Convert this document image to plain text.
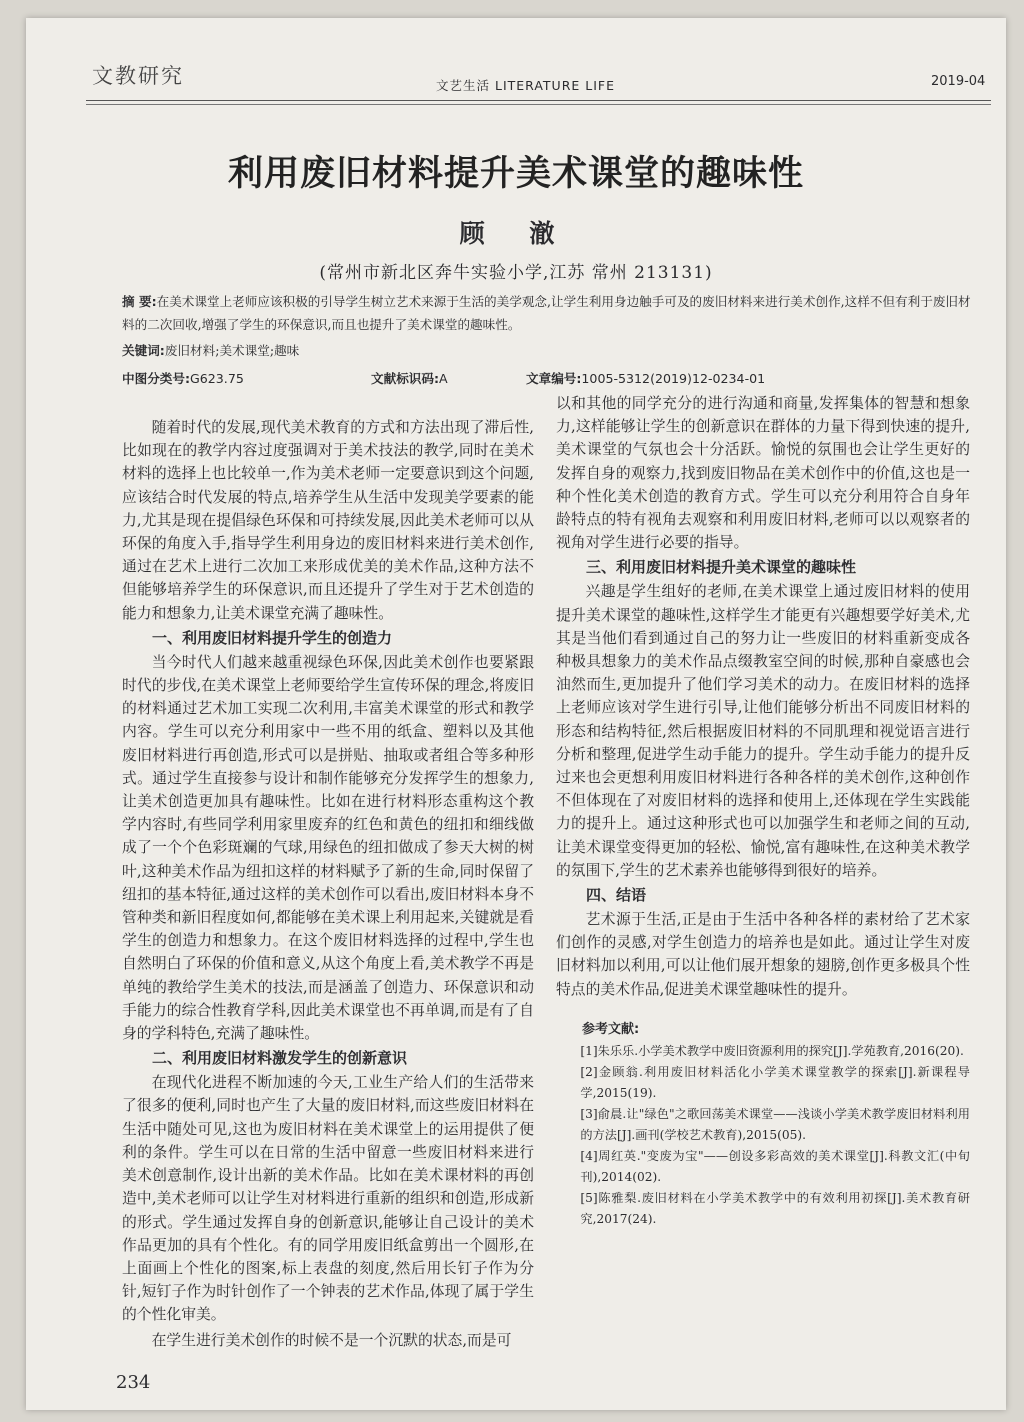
文教研究	文艺生活 LITERATURE LIFE	2019-04
利用废旧材料提升美术课堂的趣味性
顾 澈
(常州市新北区奔牛实验小学,江苏 常州 213131)
摘 要:在美术课堂上老师应该积极的引导学生树立艺术来源于生活的美学观念,让学生利用身边触手可及的废旧材料来进行美术创作,这样不但有利于废旧材料的二次回收,增强了学生的环保意识,而且也提升了美术课堂的趣味性。
关键词:废旧材料;美术课堂;趣味
中图分类号:G623.75	文献标识码:A	文章编号:1005-5312(2019)12-0234-01

随着时代的发展,现代美术教育的方式和方法出现了滞后性,比如现在的教学内容过度强调对于美术技法的教学,同时在美术材料的选择上也比较单一,作为美术老师一定要意识到这个问题,应该结合时代发展的特点,培养学生从生活中发现美学要素的能力,尤其是现在提倡绿色环保和可持续发展,因此美术老师可以从环保的角度入手,指导学生利用身边的废旧材料来进行美术创作,通过在艺术上进行二次加工来形成优美的美术作品,这种方法不但能够培养学生的环保意识,而且还提升了学生对于艺术创造的能力和想象力,让美术课堂充满了趣味性。

一、利用废旧材料提升学生的创造力

当今时代人们越来越重视绿色环保,因此美术创作也要紧跟时代的步伐,在美术课堂上老师要给学生宣传环保的理念,将废旧的材料通过艺术加工实现二次利用,丰富美术课堂的形式和教学内容。学生可以充分利用家中一些不用的纸盒、塑料以及其他废旧材料进行再创造,形式可以是拼贴、抽取或者组合等多种形式。通过学生直接参与设计和制作能够充分发挥学生的想象力,让美术创造更加具有趣味性。比如在进行材料形态重构这个教学内容时,有些同学利用家里废弃的红色和黄色的纽扣和细线做成了一个个色彩斑斓的气球,用绿色的纽扣做成了参天大树的树叶,这种美术作品为纽扣这样的材料赋予了新的生命,同时保留了纽扣的基本特征,通过这样的美术创作可以看出,废旧材料本身不管种类和新旧程度如何,都能够在美术课上利用起来,关键就是看学生的创造力和想象力。在这个废旧材料选择的过程中,学生也自然明白了环保的价值和意义,从这个角度上看,美术教学不再是单纯的教给学生美术的技法,而是涵盖了创造力、环保意识和动手能力的综合性教育学科,因此美术课堂也不再单调,而是有了自身的学科特色,充满了趣味性。

二、利用废旧材料激发学生的创新意识

在现代化进程不断加速的今天,工业生产给人们的生活带来了很多的便利,同时也产生了大量的废旧材料,而这些废旧材料在生活中随处可见,这也为废旧材料在美术课堂上的运用提供了便利的条件。学生可以在日常的生活中留意一些废旧材料来进行美术创意制作,设计出新的美术作品。比如在美术课材料的再创造中,美术老师可以让学生对材料进行重新的组织和创造,形成新的形式。学生通过发挥自身的创新意识,能够让自己设计的美术作品更加的具有个性化。有的同学用废旧纸盒剪出一个圆形,在上面画上个性化的图案,标上表盘的刻度,然后用长钉子作为分针,短钉子作为时针创作了一个钟表的艺术作品,体现了属于学生的个性化审美。

在学生进行美术创作的时候不是一个沉默的状态,而是可

以和其他的同学充分的进行沟通和商量,发挥集体的智慧和想象力,这样能够让学生的创新意识在群体的力量下得到快速的提升,美术课堂的气氛也会十分活跃。愉悦的氛围也会让学生更好的发挥自身的观察力,找到废旧物品在美术创作中的价值,这也是一种个性化美术创造的教育方式。学生可以充分利用符合自身年龄特点的特有视角去观察和利用废旧材料,老师可以以观察者的视角对学生进行必要的指导。

三、利用废旧材料提升美术课堂的趣味性

兴趣是学生组好的老师,在美术课堂上通过废旧材料的使用提升美术课堂的趣味性,这样学生才能更有兴趣想要学好美术,尤其是当他们看到通过自己的努力让一些废旧的材料重新变成各种极具想象力的美术作品点缀教室空间的时候,那种自豪感也会油然而生,更加提升了他们学习美术的动力。在废旧材料的选择上老师应该对学生进行引导,让他们能够分析出不同废旧材料的形态和结构特征,然后根据废旧材料的不同肌理和视觉语言进行分析和整理,促进学生动手能力的提升。学生动手能力的提升反过来也会更想利用废旧材料进行各种各样的美术创作,这种创作不但体现在了对废旧材料的选择和使用上,还体现在学生实践能力的提升上。通过这种形式也可以加强学生和老师之间的互动,让美术课堂变得更加的轻松、愉悦,富有趣味性,在这种美术教学的氛围下,学生的艺术素养也能够得到很好的培养。

四、结语

艺术源于生活,正是由于生活中各种各样的素材给了艺术家们创作的灵感,对学生创造力的培养也是如此。通过让学生对废旧材料加以利用,可以让他们展开想象的翅膀,创作更多极具个性特点的美术作品,促进美术课堂趣味性的提升。

参考文献:
[1]朱乐乐.小学美术教学中废旧资源利用的探究[J].学苑教育,2016(20).
[2]金顾翁.利用废旧材料活化小学美术课堂教学的探索[J].新课程导学,2015(19).
[3]俞晨.让"绿色"之歌回荡美术课堂——浅谈小学美术教学废旧材料利用的方法[J].画刊(学校艺术教育),2015(05).
[4]周红英."变废为宝"——创设多彩高效的美术课堂[J].科教文汇(中旬刊),2014(02).
[5]陈雅梨.废旧材料在小学美术教学中的有效利用初探[J].美术教育研究,2017(24).
234
